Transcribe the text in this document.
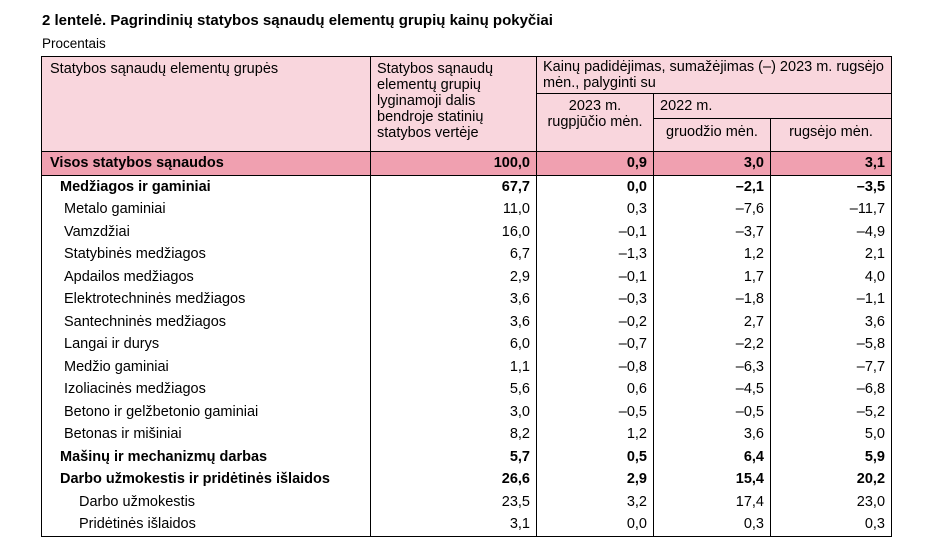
2 lentelė. Pagrindinių statybos sąnaudų elementų grupių kainų pokyčiai
Procentais
Statybos sąnaudų elementų grupės	Statybos sąnaudų elementų grupių lyginamoji dalis bendroje statinių statybos vertėje	Kainų padidėjimas, sumažėjimas (–) 2023 m. rugsėjo mėn., palyginti su		
		2023 m. rugpjūčio mėn.	2022 m.	
			gruodžio mėn.	rugsėjo mėn.
Visos statybos sąnaudos	100,0	0,9	3,0	3,1
Medžiagos ir gaminiai	67,7	0,0	–2,1	–3,5
Metalo gaminiai	11,0	0,3	–7,6	–11,7
Vamzdžiai	16,0	–0,1	–3,7	–4,9
Statybinės medžiagos	6,7	–1,3	1,2	2,1
Apdailos medžiagos	2,9	–0,1	1,7	4,0
Elektrotechninės medžiagos	3,6	–0,3	–1,8	–1,1
Santechninės medžiagos	3,6	–0,2	2,7	3,6
Langai ir durys	6,0	–0,7	–2,2	–5,8
Medžio gaminiai	1,1	–0,8	–6,3	–7,7
Izoliacinės medžiagos	5,6	0,6	–4,5	–6,8
Betono ir gelžbetonio gaminiai	3,0	–0,5	–0,5	–5,2
Betonas ir mišiniai	8,2	1,2	3,6	5,0
Mašinų ir mechanizmų darbas	5,7	0,5	6,4	5,9
Darbo užmokestis ir pridėtinės išlaidos	26,6	2,9	15,4	20,2
Darbo užmokestis	23,5	3,2	17,4	23,0
Pridėtinės išlaidos	3,1	0,0	0,3	0,3
